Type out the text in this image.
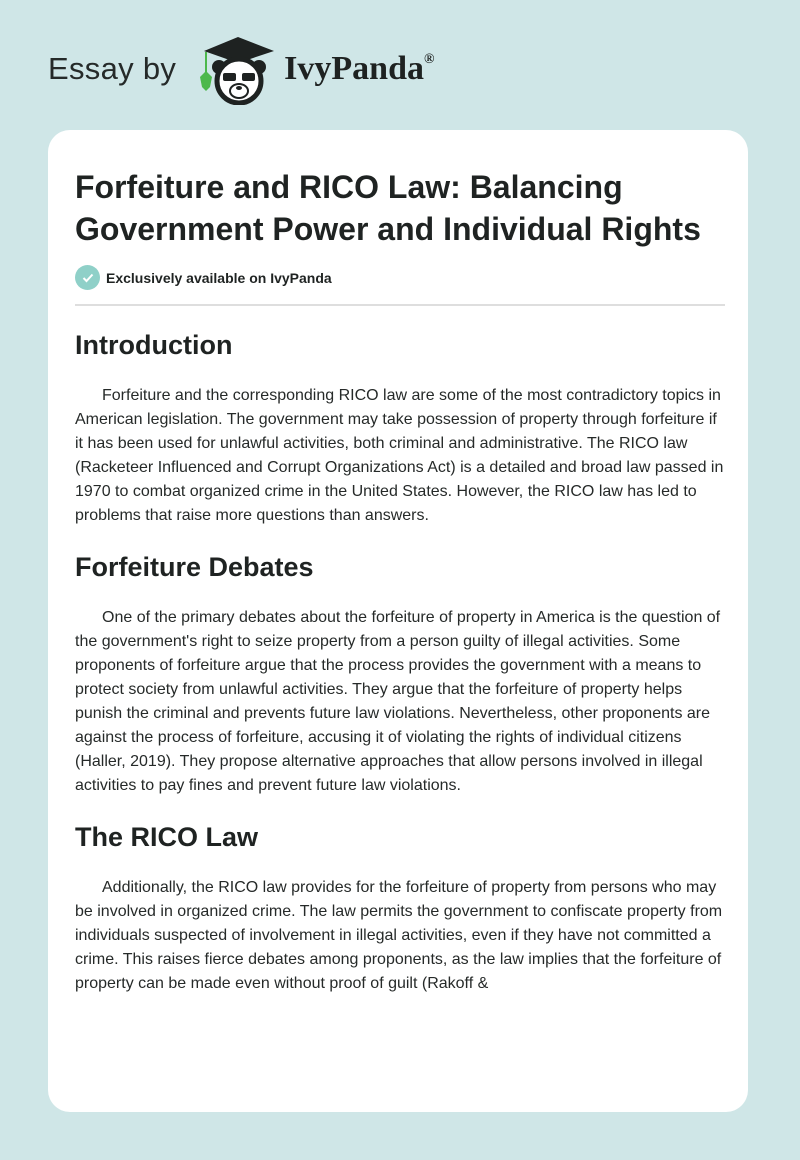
Essay by	IvyPanda®
Forfeiture and RICO Law: Balancing Government Power and Individual Rights
Exclusively available on IvyPanda
Introduction

Forfeiture and the corresponding RICO law are some of the most contradictory topics in American legislation. The government may take possession of property through forfeiture if it has been used for unlawful activities, both criminal and administrative. The RICO law (Racketeer Influenced and Corrupt Organizations Act) is a detailed and broad law passed in 1970 to combat organized crime in the United States. However, the RICO law has led to problems that raise more questions than answers.

Forfeiture Debates

One of the primary debates about the forfeiture of property in America is the question of the government's right to seize property from a person guilty of illegal activities. Some proponents of forfeiture argue that the process provides the government with a means to protect society from unlawful activities. They argue that the forfeiture of property helps punish the criminal and prevents future law violations. Nevertheless, other proponents are against the process of forfeiture, accusing it of violating the rights of individual citizens (Haller, 2019). They propose alternative approaches that allow persons involved in illegal activities to pay fines and prevent future law violations.

The RICO Law

Additionally, the RICO law provides for the forfeiture of property from persons who may be involved in organized crime. The law permits the government to confiscate property from individuals suspected of involvement in illegal activities, even if they have not committed a crime. This raises fierce debates among proponents, as the law implies that the forfeiture of property can be made even without proof of guilt (Rakoff &
